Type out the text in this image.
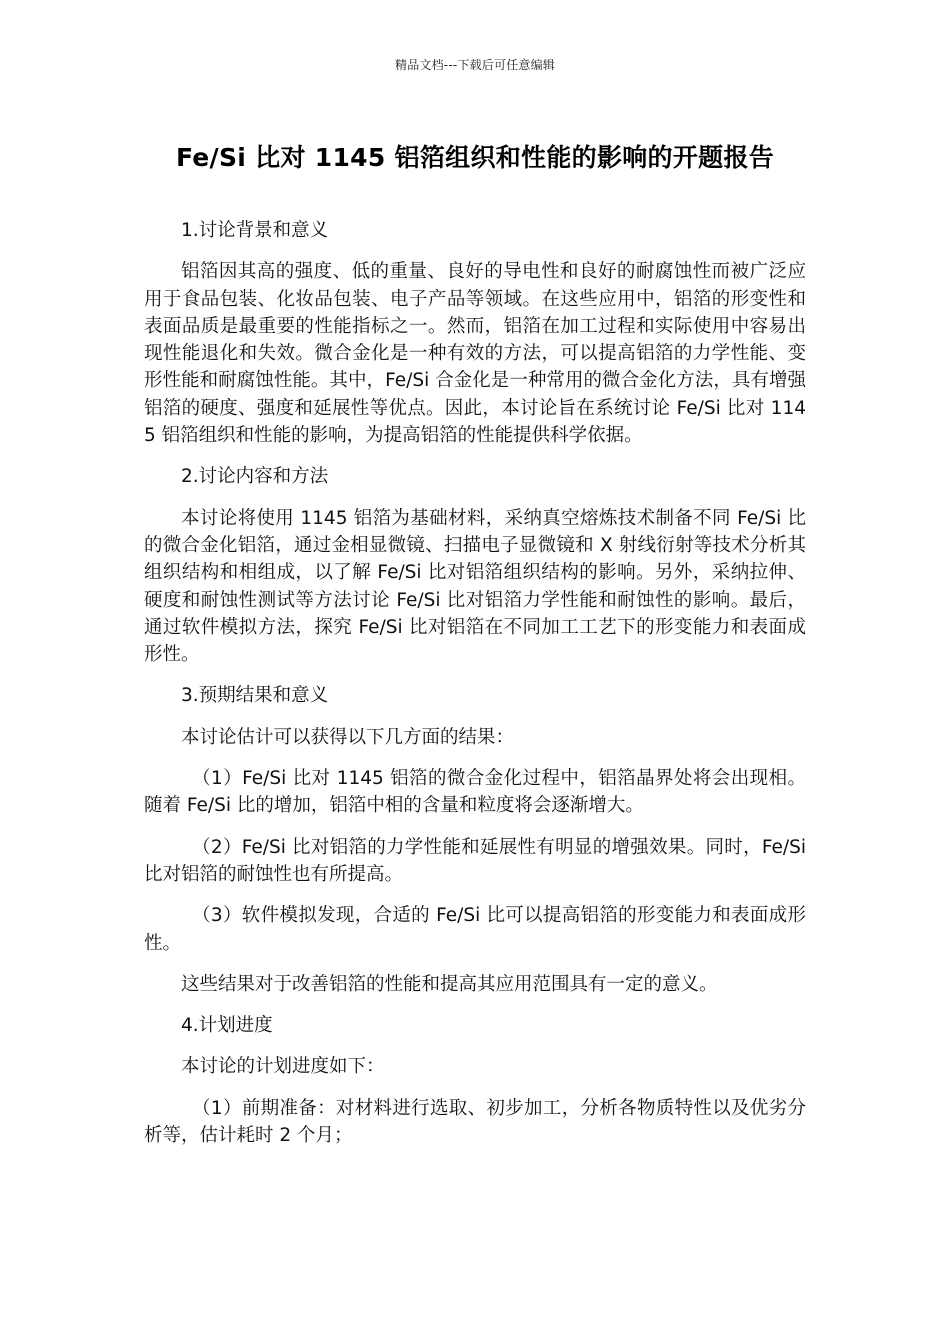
精品文档---下载后可任意编辑
Fe/Si 比对 1145 铝箔组织和性能的影响的开题报告

1.讨论背景和意义

铝箔因其高的强度、低的重量、良好的导电性和良好的耐腐蚀性而被广泛应用于食品包装、化妆品包装、电子产品等领域。在这些应用中，铝箔的形变性和表面品质是最重要的性能指标之一。然而，铝箔在加工过程和实际使用中容易出现性能退化和失效。微合金化是一种有效的方法，可以提高铝箔的力学性能、变形性能和耐腐蚀性能。其中，Fe/Si 合金化是一种常用的微合金化方法，具有增强铝箔的硬度、强度和延展性等优点。因此，本讨论旨在系统讨论 Fe/Si 比对 1145 铝箔组织和性能的影响，为提高铝箔的性能提供科学依据。

2.讨论内容和方法

本讨论将使用 1145 铝箔为基础材料，采纳真空熔炼技术制备不同 Fe/Si 比的微合金化铝箔，通过金相显微镜、扫描电子显微镜和 X 射线衍射等技术分析其组织结构和相组成，以了解 Fe/Si 比对铝箔组织结构的影响。另外，采纳拉伸、硬度和耐蚀性测试等方法讨论 Fe/Si 比对铝箔力学性能和耐蚀性的影响。最后，通过软件模拟方法，探究 Fe/Si 比对铝箔在不同加工工艺下的形变能力和表面成形性。

3.预期结果和意义

本讨论估计可以获得以下几方面的结果：

（1）Fe/Si 比对 1145 铝箔的微合金化过程中，铝箔晶界处将会出现相。随着 Fe/Si 比的增加，铝箔中相的含量和粒度将会逐渐增大。

（2）Fe/Si 比对铝箔的力学性能和延展性有明显的增强效果。同时，Fe/Si 比对铝箔的耐蚀性也有所提高。

（3）软件模拟发现，合适的 Fe/Si 比可以提高铝箔的形变能力和表面成形性。

这些结果对于改善铝箔的性能和提高其应用范围具有一定的意义。

4.计划进度

本讨论的计划进度如下：

（1）前期准备：对材料进行选取、初步加工，分析各物质特性以及优劣分析等，估计耗时 2 个月；
